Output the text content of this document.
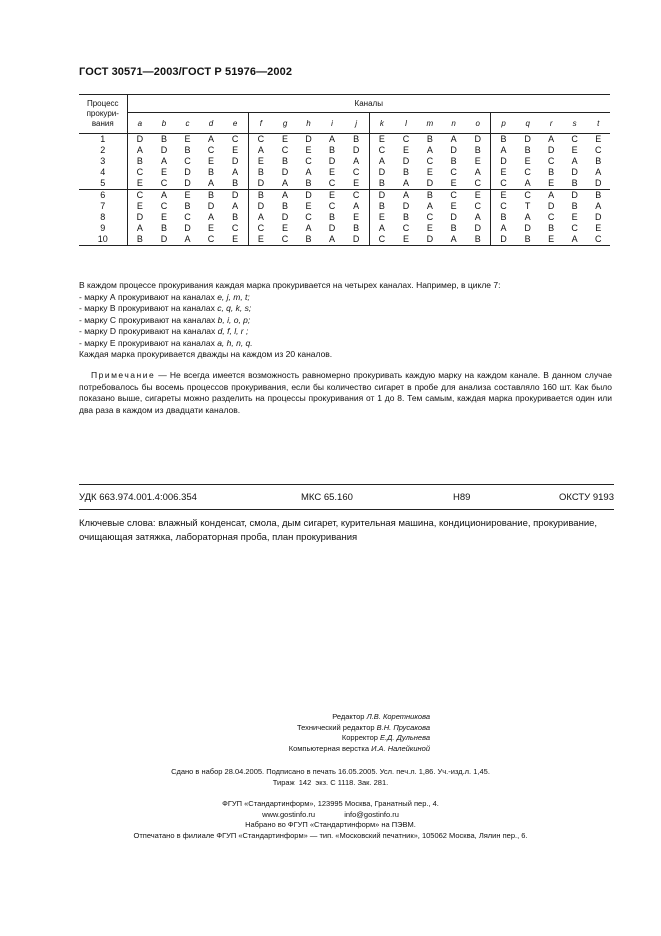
ГОСТ 30571—2003/ГОСТ Р 51976—2002
Процесс
прокури-
вания	Каналы																			
	a	b	c	d	e	f	g	h	i	j	k	l	m	n	o	p	q	r	s	t
1	D	B	E	A	C	C	E	D	A	B	E	C	B	A	D	B	D	A	C	E
2	A	D	B	C	E	A	C	E	B	D	C	E	A	D	B	A	B	D	E	C
3	B	A	C	E	D	E	B	C	D	A	A	D	C	B	E	D	E	C	A	B
4	C	E	D	B	A	B	D	A	E	C	D	B	E	C	A	E	C	B	D	A
5	E	C	D	A	B	D	A	B	C	E	B	A	D	E	C	C	A	E	B	D
6	C	A	E	B	D	B	A	D	E	C	D	A	B	C	E	E	C	A	D	B
7	E	C	B	D	A	D	B	E	C	A	B	D	A	E	C	C	T	D	B	A
8	D	E	C	A	B	A	D	C	B	E	E	B	C	D	A	B	A	C	E	D
9	A	B	D	E	C	C	E	A	D	B	A	C	E	B	D	A	D	B	C	E
10	B	D	A	C	E	E	C	B	A	D	C	E	D	A	B	D	B	E	A	C

В каждом процессе прокуривания каждая марка прокуривается на четырех каналах. Например, в цикле 7:

- марку А прокуривают на каналах e, j, m, t;

- марку В прокуривают на каналах c, q, k, s;

- марку С прокуривают на каналах b, i, o, p;

- марку D прокуривают на каналах d, f, l, r ;

- марку Е прокуривают на каналах a, h, n, q.

Каждая марка прокуривается дважды на каждом из 20 каналов.

Примечание — Не всегда имеется возможность равномерно прокуривать каждую марку на каждом канале. В данном случае потребовалось бы восемь процессов прокуривания, если бы количество сигарет в пробе для анализа составляло 160 шт. Как было показано выше, сигареты можно разделить на процессы прокуривания от 1 до 8. Тем самым, каждая марка прокуривается один или два раза в каждом из двадцати каналов.
УДК 663.974.001.4:006.354	МКС 65.160	Н89	ОКСТУ 9193
Ключевые слова: влажный конденсат, смола, дым сигарет, курительная машина, кондиционирование, прокуривание, очищающая затяжка, лабораторная проба, план прокуривания
Редактор Л.В. Коретникова
Технический редактор В.Н. Прусакова
Корректор Е.Д. Дульнева
Компьютерная верстка И.А. Налейкиной
Сдано в набор 28.04.2005. Подписано в печать 16.05.2005. Усл. печ.л. 1,86. Уч.-изд.л. 1,45.
Тираж  142  экз. С 1118. Зак. 281.
ФГУП «Стандартинформ», 123995 Москва, Гранатный пер., 4.
www.gostinfo.ru              info@gostinfo.ru
Набрано во ФГУП «Стандартинформ» на ПЭВМ.
Отпечатано в филиале ФГУП «Стандартинформ» — тип. «Московский печатник», 105062 Москва, Лялин пер., 6.
